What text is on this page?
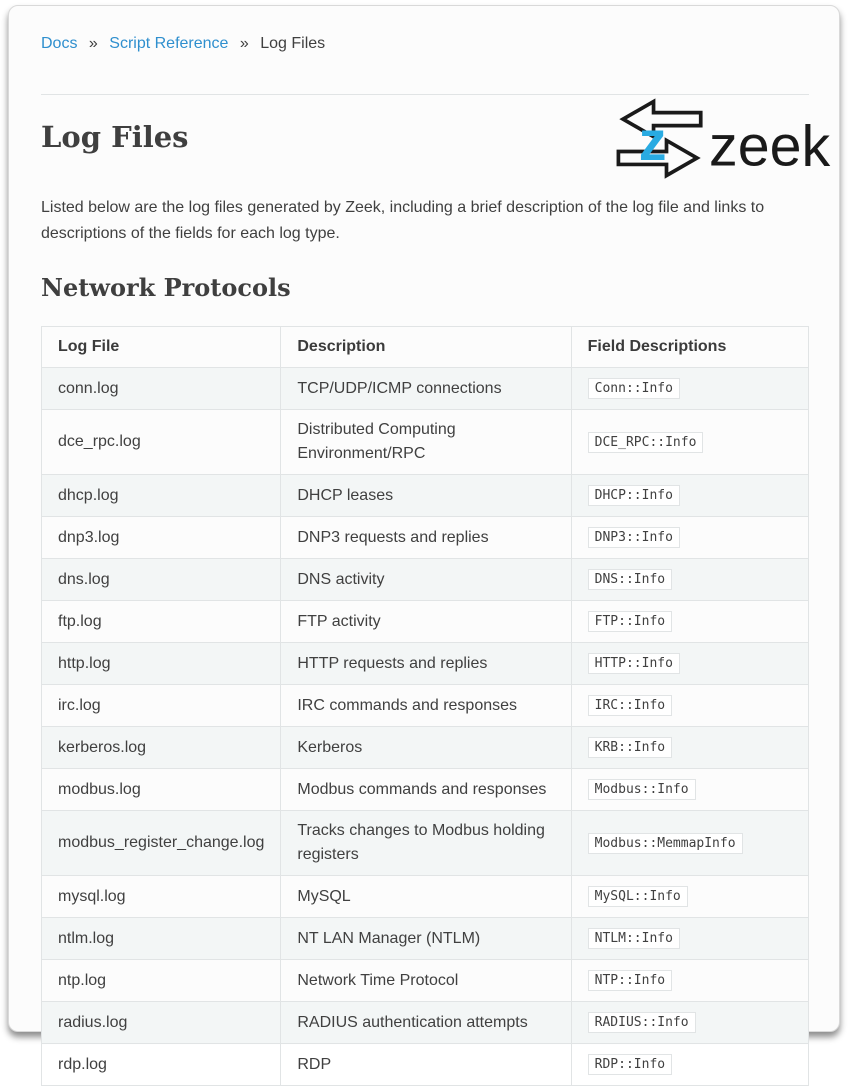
Docs » Script Reference » Log Files
z zeek
Log Files

Listed below are the log files generated by Zeek, including a brief description of the log file and links to descriptions of the fields for each log type.

Network Protocols
Log File	Description	Field Descriptions
conn.log	TCP/UDP/ICMP connections	Conn::Info
dce_rpc.log	Distributed Computing Environment/RPC	DCE_RPC::Info
dhcp.log	DHCP leases	DHCP::Info
dnp3.log	DNP3 requests and replies	DNP3::Info
dns.log	DNS activity	DNS::Info
ftp.log	FTP activity	FTP::Info
http.log	HTTP requests and replies	HTTP::Info
irc.log	IRC commands and responses	IRC::Info
kerberos.log	Kerberos	KRB::Info
modbus.log	Modbus commands and responses	Modbus::Info
modbus_register_change.log	Tracks changes to Modbus holding registers	Modbus::MemmapInfo
mysql.log	MySQL	MySQL::Info
ntlm.log	NT LAN Manager (NTLM)	NTLM::Info
ntp.log	Network Time Protocol	NTP::Info
radius.log	RADIUS authentication attempts	RADIUS::Info
rdp.log	RDP	RDP::Info
